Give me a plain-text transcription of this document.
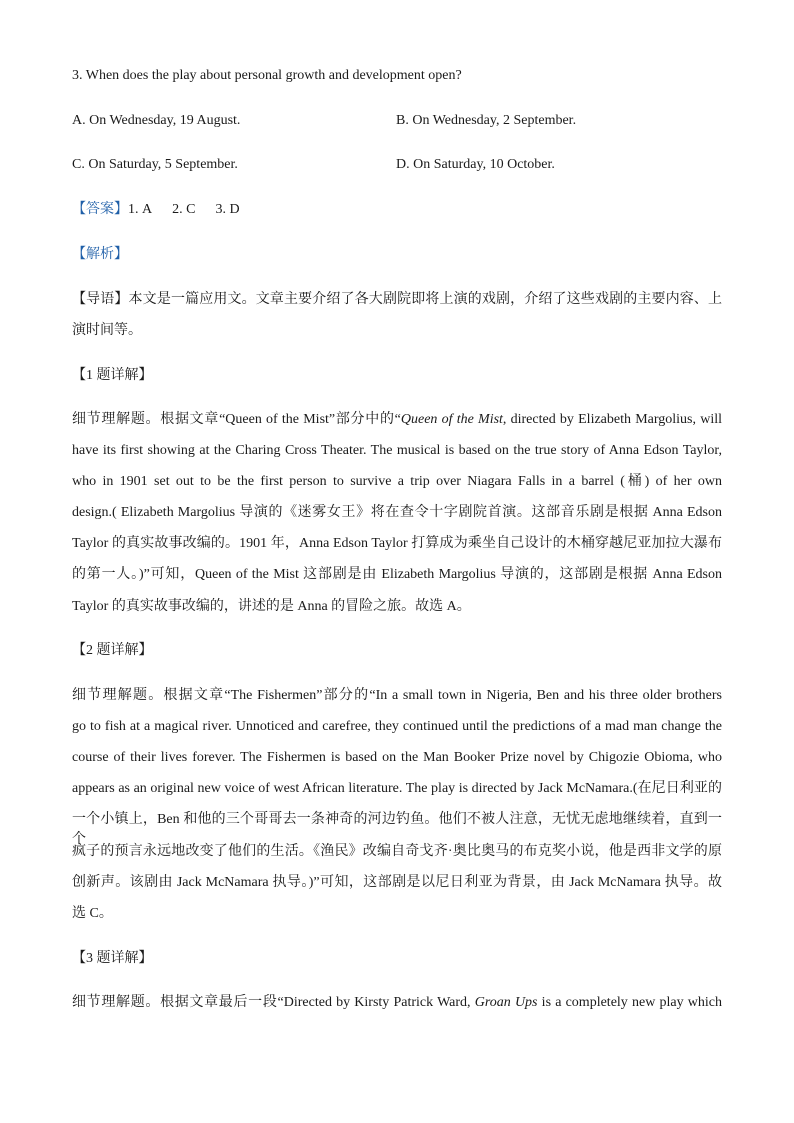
3. When does the play about personal growth and development open?
A. On Wednesday, 19 August.	B. On Wednesday, 2 September.
C. On Saturday, 5 September.	D. On Saturday, 10 October.
【答案】1. A 2. C 3. D
【解析】
【导语】本文是一篇应用文。文章主要介绍了各大剧院即将上演的戏剧，介绍了这些戏剧的主要内容、上
演时间等。
【1 题详解】
细节理解题。根据文章“Queen of the Mist”部分中的“Queen of the Mist, directed by Elizabeth Margolius, will
have its first showing at the Charing Cross Theater. The musical is based on the true story of Anna Edson Taylor,
who in 1901 set out to be the first person to survive a trip over Niagara Falls in a barrel (桶) of her own
design.( Elizabeth Margolius 导演的《迷雾女王》将在查令十字剧院首演。这部音乐剧是根据 Anna Edson
Taylor 的真实故事改编的。1901 年，Anna Edson Taylor 打算成为乘坐自己设计的木桶穿越尼亚加拉大瀑布
的第一人。)”可知，Queen of the Mist 这部剧是由 Elizabeth Margolius 导演的，这部剧是根据 Anna Edson
Taylor 的真实故事改编的，讲述的是 Anna 的冒险之旅。故选 A。
【2 题详解】
细节理解题。根据文章“The Fishermen”部分的“In a small town in Nigeria, Ben and his three older brothers
go to fish at a magical river. Unnoticed and carefree, they continued until the predictions of a mad man change the
course of their lives forever. The Fishermen is based on the Man Booker Prize novel by Chigozie Obioma, who
appears as an original new voice of west African literature. The play is directed by Jack McNamara.(在尼日利亚的
一个小镇上，Ben 和他的三个哥哥去一条神奇的河边钓鱼。他们不被人注意，无忧无虑地继续着，直到一个
疯子的预言永远地改变了他们的生活。《渔民》改编自奇戈齐·奥比奥马的布克奖小说，他是西非文学的原
创新声。该剧由 Jack McNamara 执导。)”可知，这部剧是以尼日利亚为背景，由 Jack McNamara 执导。故
选 C。
【3 题详解】
细节理解题。根据文章最后一段“Directed by Kirsty Patrick Ward, Groan Ups is a completely new play which
